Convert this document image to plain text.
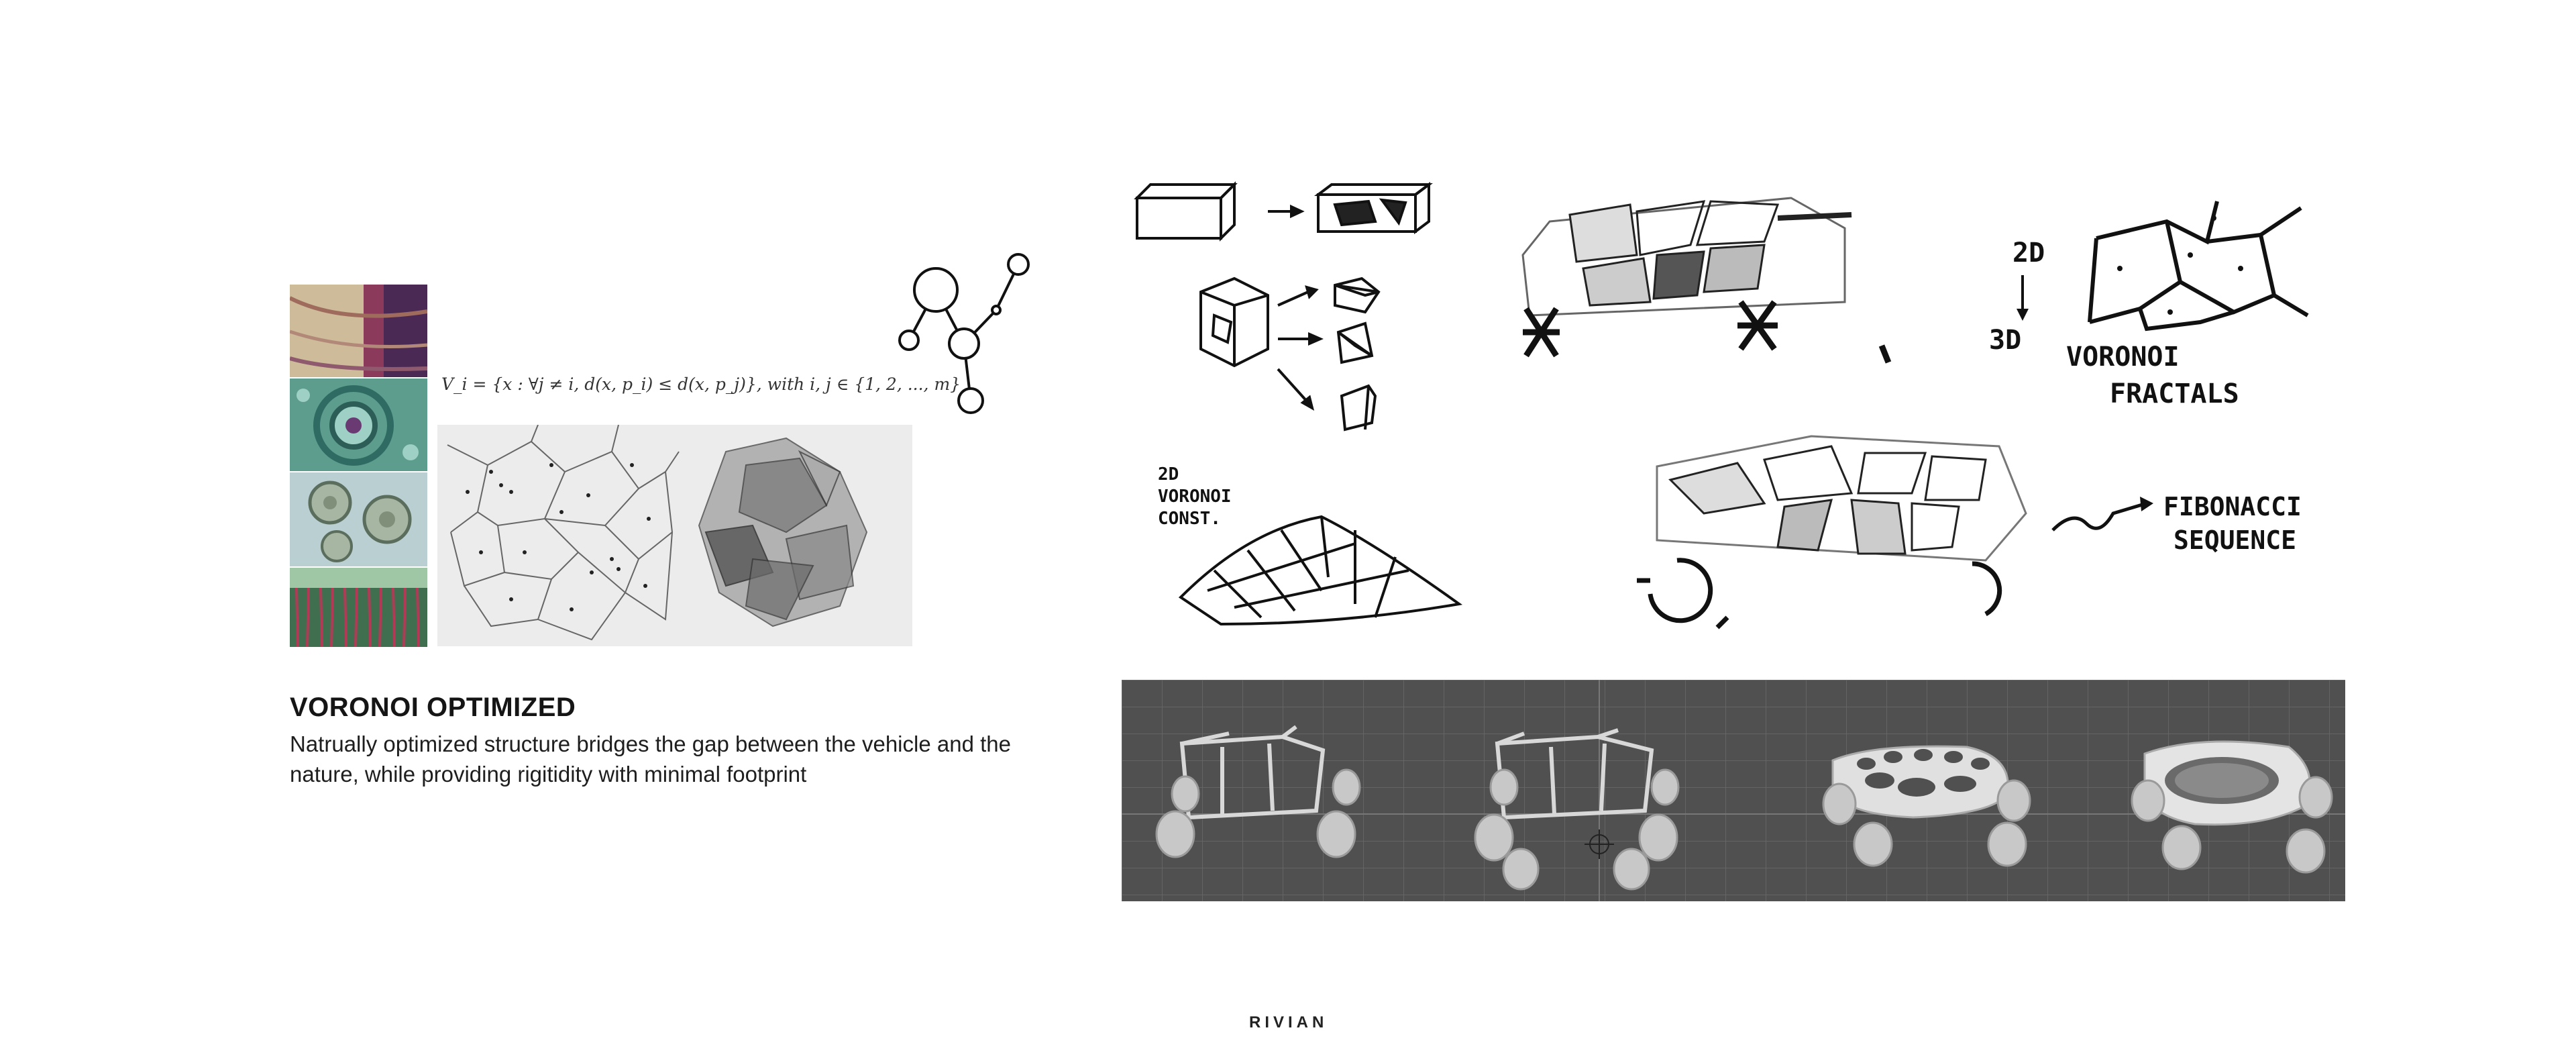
V_i = {x : ∀j ≠ i, d(x, p_i) ≤ d(x, p_j)}, with i, j ∈ {1, 2, ..., m}
VORONOI OPTIMIZED
Natrually optimized structure bridges the gap between the vehicle and the nature, while providing rigitidity with minimal footprint
2D
VORONOI
CONST.
2D
3D
VORONOI
FRACTALS
FIBONACCI
SEQUENCE
RIVIAN
